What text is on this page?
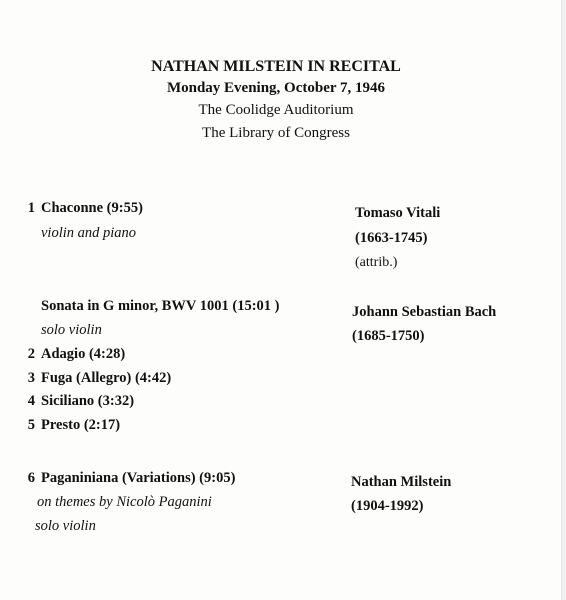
NATHAN MILSTEIN IN RECITAL
Monday Evening, October 7, 1946
The Coolidge Auditorium
The Library of Congress
1 Chaconne (9:55)
violin and piano
Tomaso Vitali
(1663-1745)
(attrib.)
Sonata in G minor, BWV 1001 (15:01 )
solo violin
2 Adagio (4:28)
3 Fuga (Allegro) (4:42)
4 Siciliano (3:32)
5 Presto (2:17)
Johann Sebastian Bach
(1685-1750)
6 Paganiniana (Variations) (9:05)
on themes by Nicolò Paganini
solo violin
Nathan Milstein
(1904-1992)
